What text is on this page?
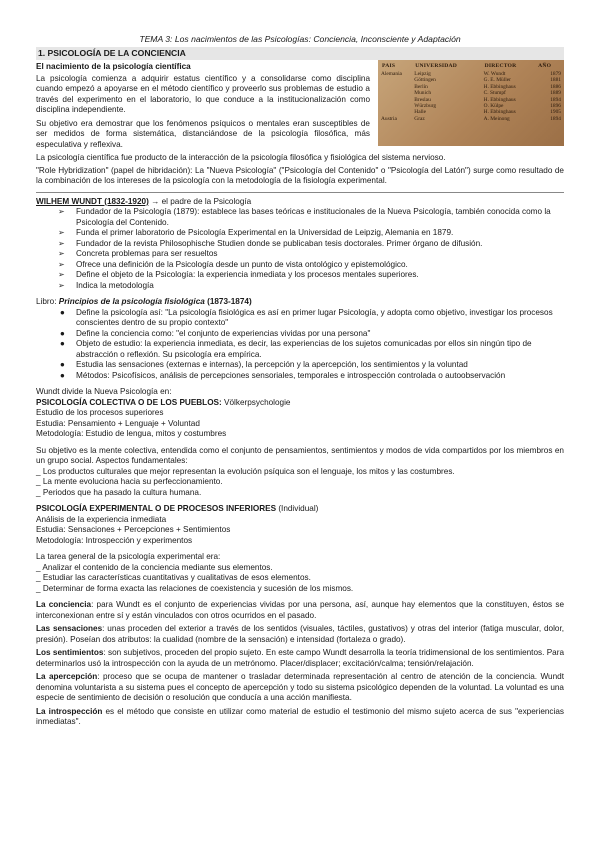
TEMA 3: Los nacimientos de las Psicologías: Conciencia, Inconsciente y Adaptación

1. PSICOLOGÍA DE LA CONCIENCIA

El nacimiento de la psicología científica

La psicología comienza a adquirir estatus científico y a consolidarse como disciplina cuando empezó a apoyarse en el método científico y proveerlo sus problemas de estudio a través del experimento en el laboratorio, lo que conduce a la institucionalización como disciplina independiente.

Su objetivo era demostrar que los fenómenos psíquicos o mentales eran susceptibles de ser medidos de forma sistemática, distanciándose de la psicología filosófica, más especulativa y reflexiva.

PAIS	UNIVERSIDAD	DIRECTOR	AÑO
Alemania	Leipzig	W. Wundt	1879
	Göttingen	G. E. Müller	1881
	Berlín	H. Ebbinghaus	1886
	Munich	C. Stumpf	1889
	Breslau	H. Ebbinghaus	1894
	Würzburg	O. Külpe	1896
	Halle	H. Ebbinghaus	1905
Austria	Graz	A. Meinong	1894

La psicología científica fue producto de la interacción de la psicología filosófica y fisiológica del sistema nervioso.

"Role Hybridization" (papel de hibridación): La "Nueva Psicología" ("Psicología del Contenido" o "Psicología del Latón") surge como resultado de la combinación de los intereses de la psicología con la metodología de la fisiología experimental.

WILHEM WUNDT (1832-1920) → el padre de la Psicología

➢ Fundador de la Psicología (1879): establece las bases teóricas e institucionales de la Nueva Psicología, también conocida como la Psicología del Contenido.
➢ Funda el primer laboratorio de Psicología Experimental en la Universidad de Leipzig, Alemania en 1879.
➢ Fundador de la revista Philosophische Studien donde se publicaban tesis doctorales. Primer órgano de difusión.
➢ Concreta problemas para ser resueltos
➢ Ofrece una definición de la Psicología desde un punto de vista ontológico y epistemológico.
➢ Define el objeto de la Psicología: la experiencia inmediata y los procesos mentales superiores.
➢ Indica la metodología

Libro: Principios de la psicología fisiológica (1873-1874)

● Define la psicología así: "La psicología fisiológica es así en primer lugar Psicología, y adopta como objetivo, investigar los procesos conscientes dentro de su propio contexto"
● Define la conciencia como: "el conjunto de experiencias vividas por una persona"
● Objeto de estudio: la experiencia inmediata, es decir, las experiencias de los sujetos comunicadas por ellos sin ningún tipo de abstracción o reflexión. Su psicología era empírica.
● Estudia las sensaciones (externas e internas), la percepción y la apercepción, los sentimientos y la voluntad
● Métodos: Psicofísicos, análisis de percepciones sensoriales, temporales e introspección controlada o autoobservación

Wundt divide la Nueva Psicología en:

PSICOLOGÍA COLECTIVA O DE LOS PUEBLOS: Völkerpsychologie

Estudio de los procesos superiores

Estudia: Pensamiento + Lenguaje + Voluntad

Metodología: Estudio de lengua, mitos y costumbres

Su objetivo es la mente colectiva, entendida como el conjunto de pensamientos, sentimientos y modos de vida compartidos por los miembros en un grupo social. Aspectos fundamentales:

_ Los productos culturales que mejor representan la evolución psíquica son el lenguaje, los mitos y las costumbres.

_ La mente evoluciona hacia su perfeccionamiento.

_ Periodos que ha pasado la cultura humana.

PSICOLOGÍA EXPERIMENTAL O DE PROCESOS INFERIORES (Individual)

Análisis de la experiencia inmediata

Estudia: Sensaciones + Percepciones + Sentimientos

Metodología: Introspección y experimentos

La tarea general de la psicología experimental era:

_ Analizar el contenido de la conciencia mediante sus elementos.

_ Estudiar las características cuantitativas y cualitativas de esos elementos.

_ Determinar de forma exacta las relaciones de coexistencia y sucesión de los mismos.

La conciencia: para Wundt es el conjunto de experiencias vividas por una persona, así, aunque hay elementos que la constituyen, éstos se interconexionan entre sí y están vinculados con otros ocurridos en el pasado.

Las sensaciones: unas proceden del exterior a través de los sentidos (visuales, táctiles, gustativos) y otras del interior (fatiga muscular, dolor, presión). Poseían dos atributos: la cualidad (nombre de la sensación) e intensidad (fortaleza o grado).

Los sentimientos: son subjetivos, proceden del propio sujeto. En este campo Wundt desarrolla la teoría tridimensional de los sentimientos. Para determinarlos usó la introspección con la ayuda de un metrónomo. Placer/displacer; excitación/calma; tensión/relajación.

La apercepción: proceso que se ocupa de mantener o trasladar determinada representación al centro de atención de la conciencia. Wundt denomina voluntarista a su sistema pues el concepto de apercepción y todo su sistema psicológico dependen de la voluntad. La voluntad es una especie de sentimiento de decisión o resolución que conducía a una acción manifiesta.

La introspección es el método que consiste en utilizar como material de estudio el testimonio del mismo sujeto acerca de sus "experiencias inmediatas".
